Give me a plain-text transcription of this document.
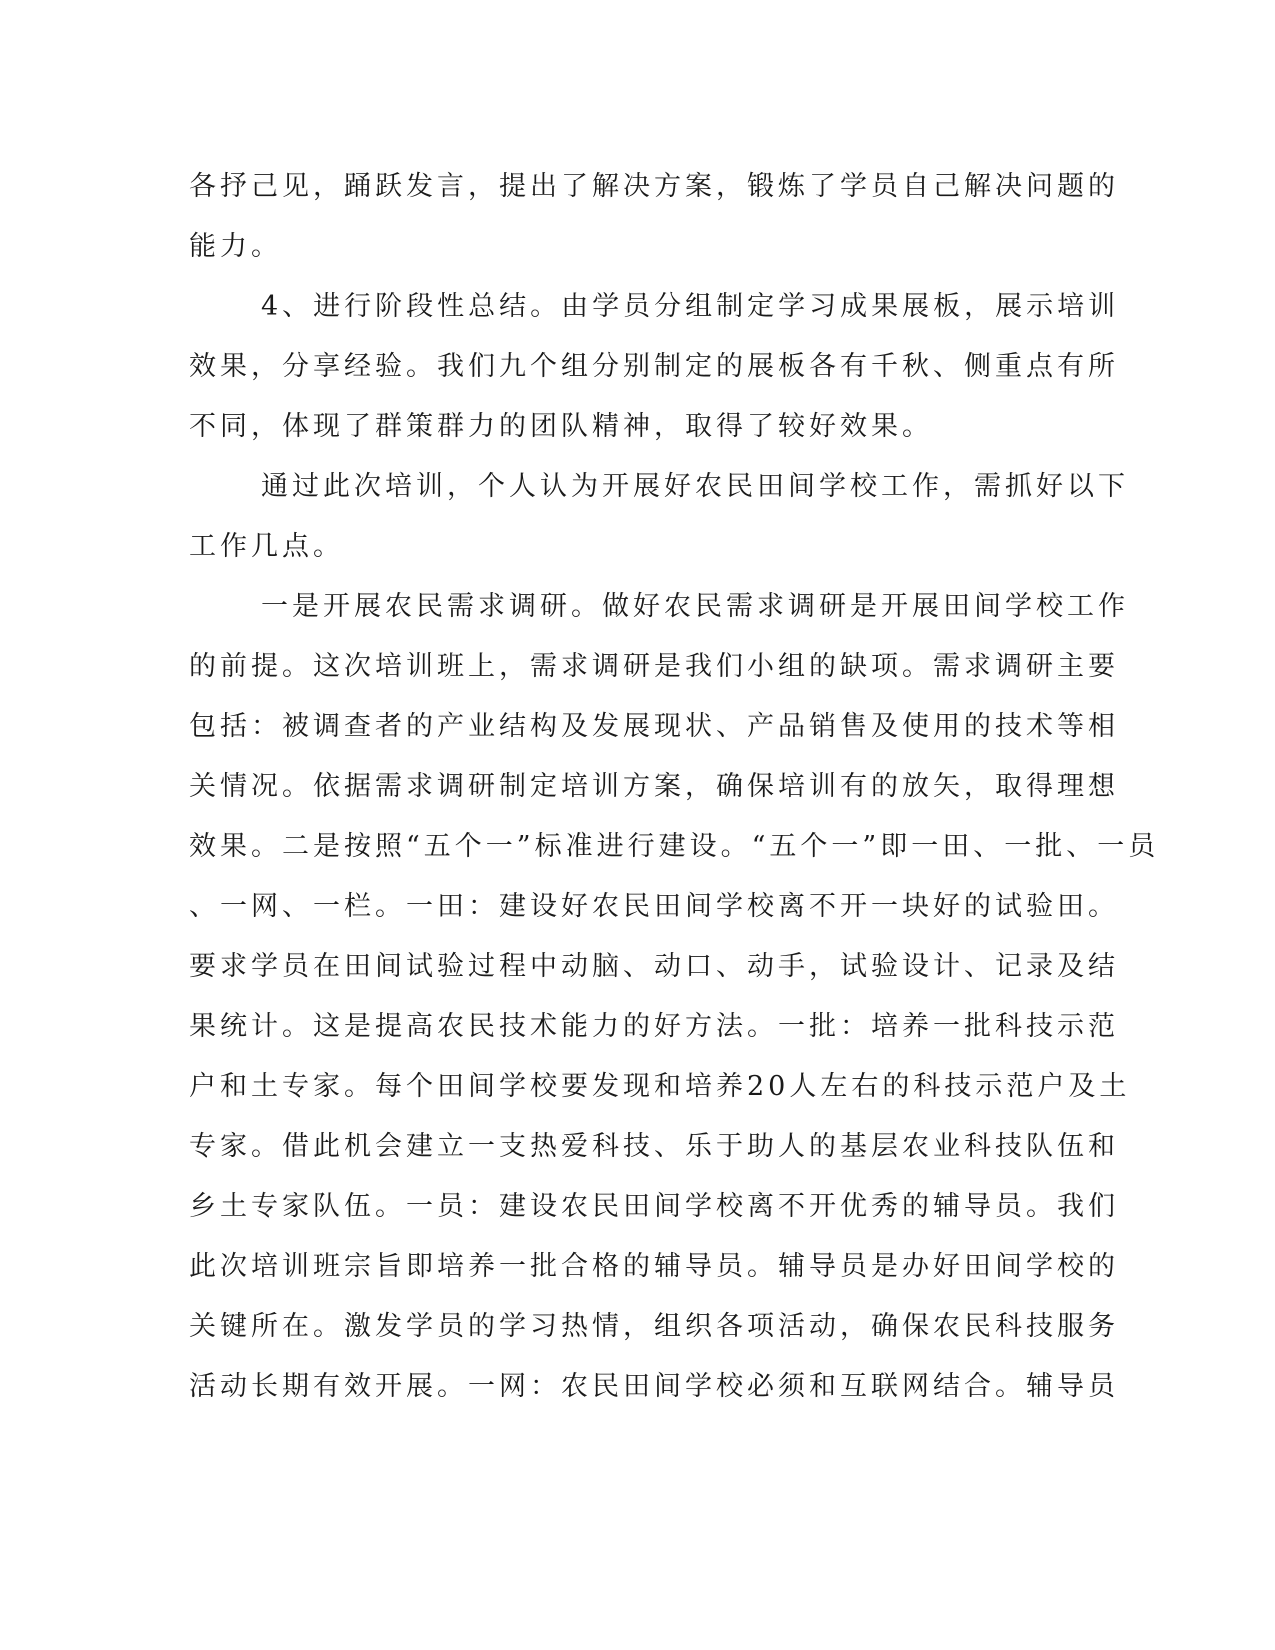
各抒己见，踊跃发言，提出了解决方案，锻炼了学员自己解决问题的
能力。
4、进行阶段性总结。由学员分组制定学习成果展板，展示培训
效果，分享经验。我们九个组分别制定的展板各有千秋、侧重点有所
不同，体现了群策群力的团队精神，取得了较好效果。
通过此次培训，个人认为开展好农民田间学校工作，需抓好以下
工作几点。
一是开展农民需求调研。做好农民需求调研是开展田间学校工作
的前提。这次培训班上，需求调研是我们小组的缺项。需求调研主要
包括：被调查者的产业结构及发展现状、产品销售及使用的技术等相
关情况。依据需求调研制定培训方案，确保培训有的放矢，取得理想
效果。二是按照“五个一”标准进行建设。“五个一”即一田、一批、一员
、一网、一栏。一田：建设好农民田间学校离不开一块好的试验田。
要求学员在田间试验过程中动脑、动口、动手，试验设计、记录及结
果统计。这是提高农民技术能力的好方法。一批：培养一批科技示范
户和土专家。每个田间学校要发现和培养20人左右的科技示范户及土
专家。借此机会建立一支热爱科技、乐于助人的基层农业科技队伍和
乡土专家队伍。一员：建设农民田间学校离不开优秀的辅导员。我们
此次培训班宗旨即培养一批合格的辅导员。辅导员是办好田间学校的
关键所在。激发学员的学习热情，组织各项活动，确保农民科技服务
活动长期有效开展。一网：农民田间学校必须和互联网结合。辅导员
